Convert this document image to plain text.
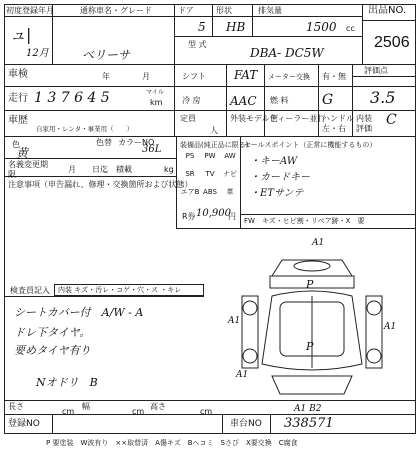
初度登録年月
ュ|
12月
通称車名・グレード
ベリーサ
ドア
5
形状
HB
排気量
1500 cc
出品NO.
2506
型 式
DBA- DC5W
車検	年	月
走行 1 3 7 6 4 5	マイル
km
シフト FAT
冷 房 AAC 燃 料 G
メーター交換 有・無
評価点
3.5
車歴
自家用・レンタ・事業用（　　）
定員
人
外装モデル色
ディーラー並行
ハンドル
左・右
内装評価
C
色
黄
色替 カラーNO
36L
名義変更期限
月 日迄 積載	kg
注意事項（申告漏れ、修理・交換箇所および状態）
装備品(純正品に限る)
PS	PW	AW
SR	TV	ナビ
エアB ABS	革
R券 10,900
円
セールスポイント（正常に機能するもの）
・キーAW
・カードキー
・ETサンテ
FW　キズ・ヒビ割・リペア跡・X　要
検査員記入 内装 キズ・汚レ・コゲ・穴・ス ・キレ
シートカバー付　A/W - A
ドレ下タイヤ。
要めタイヤ有り
Nオドリ　B
A1
P
P
A1
A1
A1 B2
A1
長さ
cm
幅
cm
高さ
cm
登録NO	車台NO 338571
P 要塗装　W波有り　××取替済　A傷キズ　Bヘコミ　Sさび　X要交換　C腐食
